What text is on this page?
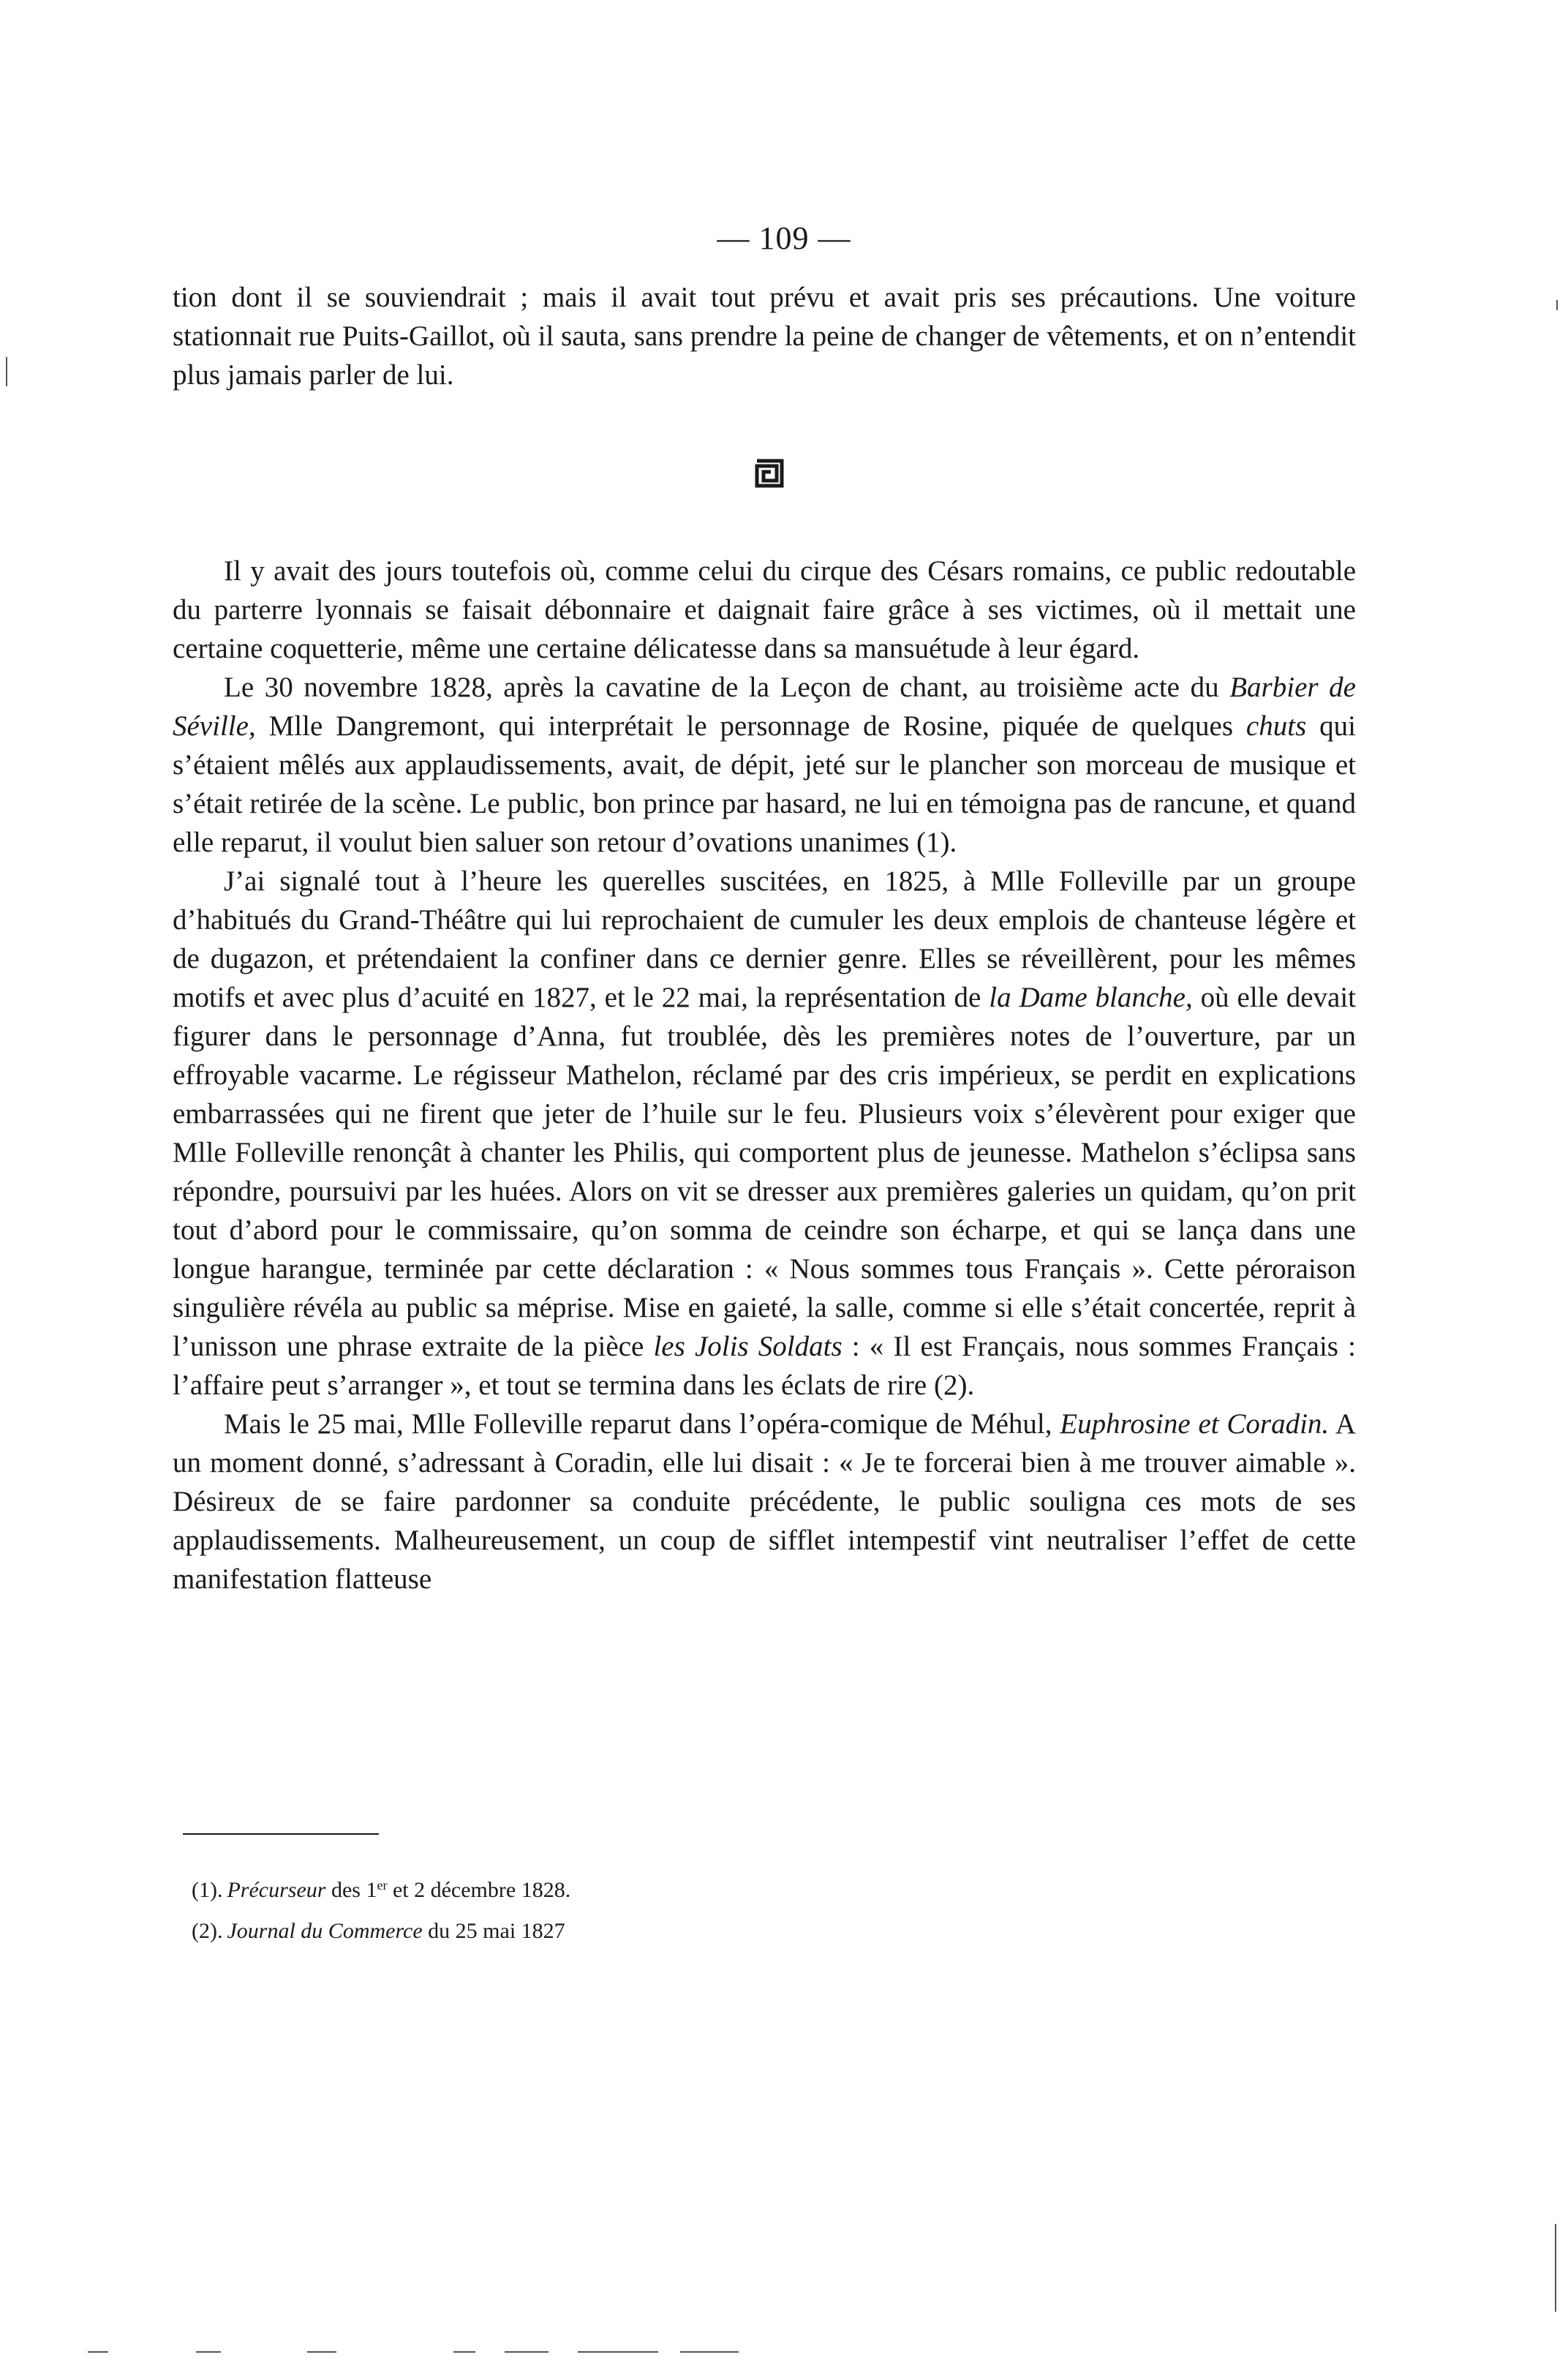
— 109 —

tion dont il se souviendrait ; mais il avait tout prévu et avait pris ses précautions. Une voiture stationnait rue Puits-Gaillot, où il sauta, sans prendre la peine de changer de vêtements, et on n’entendit plus jamais parler de lui.

Il y avait des jours toutefois où, comme celui du cirque des Césars romains, ce public redoutable du parterre lyonnais se faisait débonnaire et daignait faire grâce à ses victimes, où il mettait une certaine coquetterie, même une certaine délicatesse dans sa mansuétude à leur égard.

Le 30 novembre 1828, après la cavatine de la Leçon de chant, au troisième acte du Barbier de Séville, Mlle Dangremont, qui interprétait le personnage de Rosine, piquée de quelques chuts qui s’étaient mêlés aux applaudissements, avait, de dépit, jeté sur le plancher son morceau de musique et s’était retirée de la scène. Le public, bon prince par hasard, ne lui en témoigna pas de rancune, et quand elle reparut, il voulut bien saluer son retour d’ovations unanimes (1).

J’ai signalé tout à l’heure les querelles suscitées, en 1825, à Mlle Folleville par un groupe d’habitués du Grand-Théâtre qui lui reprochaient de cumuler les deux emplois de chanteuse légère et de dugazon, et prétendaient la confiner dans ce dernier genre. Elles se réveillèrent, pour les mêmes motifs et avec plus d’acuité en 1827, et le 22 mai, la représentation de la Dame blanche, où elle devait figurer dans le personnage d’Anna, fut troublée, dès les premières notes de l’ouverture, par un effroyable vacarme. Le régisseur Mathelon, réclamé par des cris impérieux, se perdit en explications embarrassées qui ne firent que jeter de l’huile sur le feu. Plusieurs voix s’élevèrent pour exiger que Mlle Folleville renonçât à chanter les Philis, qui comportent plus de jeunesse. Mathelon s’éclipsa sans répondre, poursuivi par les huées. Alors on vit se dresser aux premières galeries un quidam, qu’on prit tout d’abord pour le commissaire, qu’on somma de ceindre son écharpe, et qui se lança dans une longue harangue, terminée par cette déclaration : « Nous sommes tous Français ». Cette péroraison singulière révéla au public sa méprise. Mise en gaieté, la salle, comme si elle s’était concertée, reprit à l’unisson une phrase extraite de la pièce les Jolis Soldats : « Il est Français, nous sommes Français : l’affaire peut s’arranger », et tout se termina dans les éclats de rire (2).

Mais le 25 mai, Mlle Folleville reparut dans l’opéra-comique de Méhul, Euphrosine et Coradin. A un moment donné, s’adressant à Coradin, elle lui disait : « Je te forcerai bien à me trouver aimable ». Désireux de se faire pardonner sa conduite précédente, le public souligna ces mots de ses applaudissements. Malheureusement, un coup de sifflet intempestif vint neutraliser l’effet de cette manifestation flatteuse

(1). Précurseur des 1er et 2 décembre 1828.

(2). Journal du Commerce du 25 mai 1827
